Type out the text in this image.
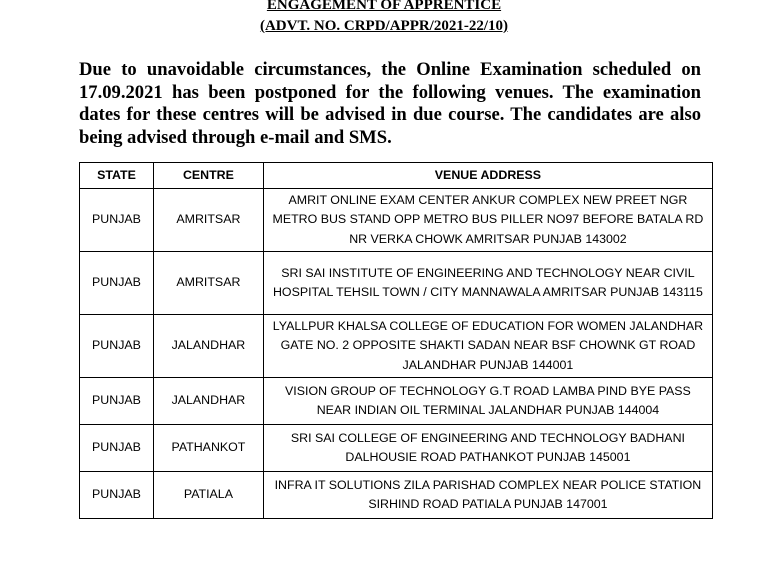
ENGAGEMENT OF APPRENTICE
(ADVT. NO. CRPD/APPR/2021-22/10)
Due to unavoidable circumstances, the Online Examination scheduled on 17.09.2021 has been postponed for the following venues. The examination dates for these centres will be advised in due course. The candidates are also being advised through e-mail and SMS.
STATE	CENTRE	VENUE ADDRESS
PUNJAB	AMRITSAR	AMRIT ONLINE EXAM CENTER ANKUR COMPLEX NEW PREET NGR METRO BUS STAND OPP METRO BUS PILLER NO97 BEFORE BATALA RD NR VERKA CHOWK AMRITSAR PUNJAB 143002
PUNJAB	AMRITSAR	SRI SAI INSTITUTE OF ENGINEERING AND TECHNOLOGY NEAR CIVIL HOSPITAL TEHSIL TOWN / CITY MANNAWALA AMRITSAR PUNJAB 143115
PUNJAB	JALANDHAR	LYALLPUR KHALSA COLLEGE OF EDUCATION FOR WOMEN JALANDHAR GATE NO. 2 OPPOSITE SHAKTI SADAN NEAR BSF CHOWNK GT ROAD JALANDHAR PUNJAB 144001
PUNJAB	JALANDHAR	VISION GROUP OF TECHNOLOGY G.T ROAD LAMBA PIND BYE PASS NEAR INDIAN OIL TERMINAL JALANDHAR PUNJAB 144004
PUNJAB	PATHANKOT	SRI SAI COLLEGE OF ENGINEERING AND TECHNOLOGY BADHANI DALHOUSIE ROAD PATHANKOT PUNJAB 145001
PUNJAB	PATIALA	INFRA IT SOLUTIONS ZILA PARISHAD COMPLEX NEAR POLICE STATION SIRHIND ROAD PATIALA PUNJAB 147001
